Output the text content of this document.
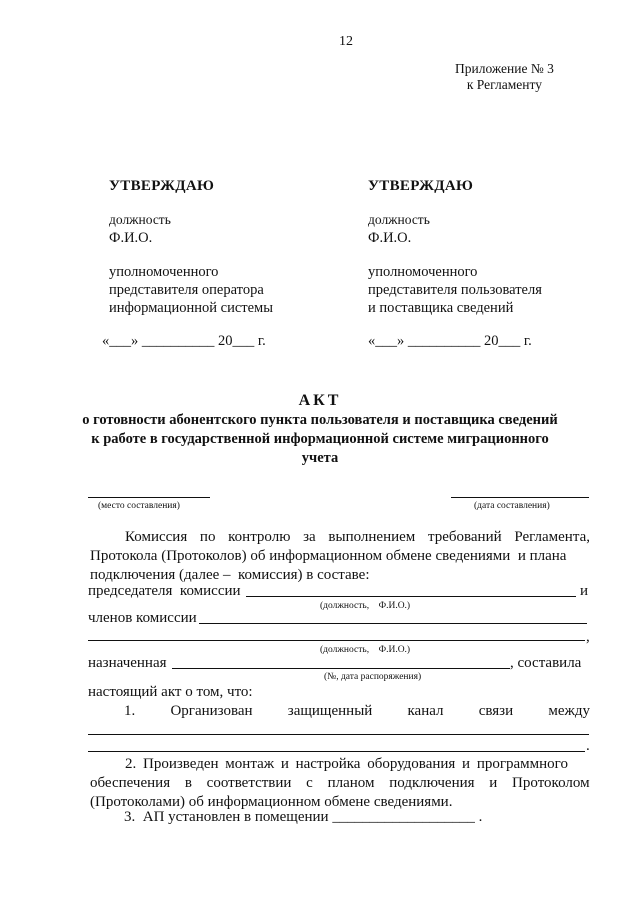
12
Приложение № 3
к Регламенту
УТВЕРЖДАЮ
должность
Ф.И.О.
уполномоченного
представителя оператора
информационной системы
«___» __________ 20___ г.
УТВЕРЖДАЮ
должность
Ф.И.О.
уполномоченного
представителя пользователя
и поставщика сведений
«___» __________ 20___ г.
АКТ
о готовности абонентского пункта пользователя и поставщика сведений
к работе в государственной информационной системе миграционного
учета
(место составления)	(дата составления)
Комиссия по контролю за выполнением требований Регламента,
Протокола (Протоколов) об информационном обмене сведениями  и плана
подключения (далее –  комиссия) в составе:
председателя  комиссии	и
(должность,    Ф.И.О.)
членов комиссии
,
(должность,    Ф.И.О.)
назначенная	, составила
(№, дата распоряжения)
настоящий акт о том, что:
1. Организован защищенный канал связи между
.
2. Произведен монтаж и настройка оборудования и программного
обеспечения в соответствии с планом подключения и Протоколом
(Протоколами) об информационном обмене сведениями.
3.  АП установлен в помещении ___________________ .
